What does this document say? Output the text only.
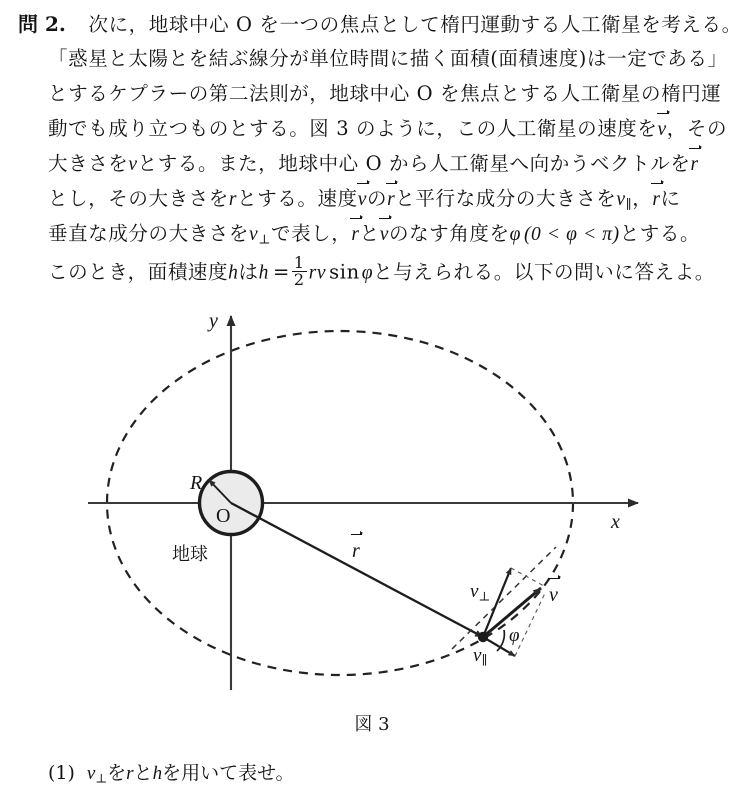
問 2. 次に，地球中心 O を一つの焦点として楕円運動する人工衛星を考える。
「惑星と太陽とを結ぶ線分が単位時間に描く面積(面積速度)は一定である」
とするケプラーの第二法則が，地球中心 O を焦点とする人工衛星の楕円運
動でも成り立つものとする。図 3 のように，この人工衛星の速度をv，その
大きさをvとする。また，地球中心 O から人工衛星へ向かうベクトルをr
とし，その大きさをrとする。速度vのrと平行な成分の大きさを$v_\parallel$，rに
垂直な成分の大きさを$v_\perp$で表し，rとvのなす角度をφ (0 < φ < π)とする。
このとき，面積速度hは$h = \frac{1}{2}$ rv sin φと与えられる。以下の問いに答えよ。
y
x
R
O
地球	r
v
$v_\perp$
$v_\parallel$
φ
図 3
(1) $v_\perp$をrとhを用いて表せ。
